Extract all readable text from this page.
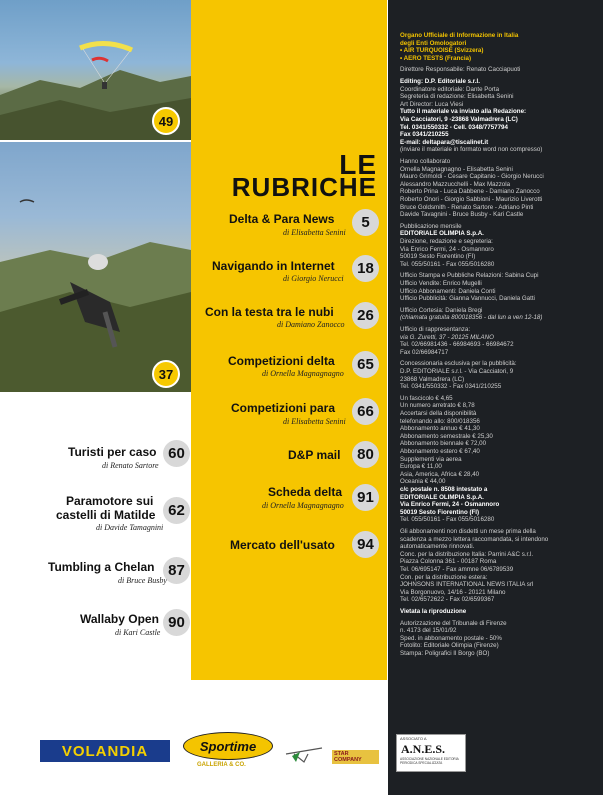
49
37
Turisti per caso
di Renato Sartore
60
Paramotore sui
castelli di Matilde
di Davide Tamagnini
62
Tumbling a Chelan
di Bruce Busby
87
Wallaby Open
di Kari Castle
90
LE
RUBRICHE
Delta & Para News
di Elisabetta Senini
5
Navigando in Internet
di Giorgio Nerucci
18
Con la testa tra le nubi
di Damiano Zanocco
26
Competizioni delta
di Ornella Magnagnagno
65
Competizioni para
di Elisabetta Senini
66
D&P mail	80
Scheda delta
di Ornella Magnagnagno 91
Mercato dell'usato	94
Organo Ufficiale di Informazione in Italia
degli Enti Omologatori
• AIR TURQUOISE (Svizzera)
• AERO TESTS (Francia)
Direttore Responsabile: Renato Cacciapuoti
Editing: D.P. Editoriale s.r.l.
Coordinatore editoriale: Dante Porta
Segreteria di redazione: Elisabetta Senini
Art Director: Luca Viesi
Tutto il materiale va inviato alla Redazione:
Via Cacciatori, 9 -23868 Valmadrera (LC)
Tel. 0341/550332 - Cell. 0348/7757794
Fax 0341/210255
E-mail: deltapara@tiscalinet.it
(inviare il materiale in formato word non compresso)
Hanno collaborato
Ornella Magnagnagno - Elisabetta Senini
Mauro Grimoldi - Cesare Capitanio - Giorgio Nerucci
Alessandro Mazzucchelli - Max Mazzola
Roberto Prina - Luca Dabbene - Damiano Zanocco
Roberto Onori - Giorgio Sabbioni - Maurizio Liverotti
Bruce Goldsmith - Renato Sartore - Adriano Pinti
Davide Tavagnini - Bruce Busby - Kari Castle
Pubblicazione mensile
EDITORIALE OLIMPIA S.p.A.
Direzione, redazione e segreteria:
Via Enrico Fermi, 24 - Osmannoro
50019 Sesto Fiorentino (FI)
Tel. 055/50161 - Fax 055/5016280
Ufficio Stampa e Pubbliche Relazioni: Sabina Cupi
Ufficio Vendite: Enrico Mugelli
Ufficio Abbonamenti: Daniela Conti
Ufficio Pubblicità: Gianna Vannucci, Daniela Gatti
Ufficio Cortesia: Daniela Bregi
(chiamata gratuita 800018356 - dal lun a ven 12-18)
Ufficio di rappresentanza:
via G. Zuretti, 37 - 20125 MILANO
Tel. 02/66981436 - 66984693 - 66984672
Fax 02/66984717
Concessionaria esclusiva per la pubblicità:
D.P. EDITORIALE s.r.l. - Via Cacciatori, 9
23868 Valmadrera (LC)
Tel. 0341/550332 - Fax 0341/210255
Un fascicolo € 4,65
Un numero arretrato € 8,78
Accertarsi della disponibilità
telefonando allo: 800/018356
Abbonamento annuo € 41,30
Abbonamento semestrale € 25,30
Abbonamento biennale € 72,00
Abbonamento estero € 67,40
Supplementi via aerea
Europa € 11,00
Asia, America, Africa € 28,40
Oceania € 44,00
c/c postale n. 8508 intestato a
EDITORIALE OLIMPIA S.p.A.
Via Enrico Fermi, 24 - Osmannoro
50019 Sesto Fiorentino (FI)
Tel. 055/50161 - Fax 055/5016280
Gli abbonamenti non disdetti un mese prima della
scadenza a mezzo lettera raccomandata, si intendono
automaticamente rinnovati.
Conc. per la distribuzione Italia: Parrini A&C s.r.l.
Piazza Colonna 361 - 00187 Roma
Tel. 06/695147 - Fax ammne 06/6789539
Con. per la distribuzione estera:
JOHNSONS INTERNATIONAL NEWS ITALIA srl
Via Borgonuovo, 14/16 - 20121 Milano
Tel. 02/6572622 - Fax 02/6599367
Vietata la riproduzione
Autorizzazione del Tribunale di Firenze
n. 4173 del 15/01/92
Sped. in abbonamento postale - 50%
Fotolito: Editoriale Olimpia (Firenze)
Stampa: Poligrafici Il Borgo (BO)
VOLANDIA	Sportime
GALLERIA & CO.
STAR COMPANY
ASSOCIATO A
A.N.E.S.
ASSOCIAZIONE NAZIONALE EDITORIA PERIODICA SPECIALIZZATA
